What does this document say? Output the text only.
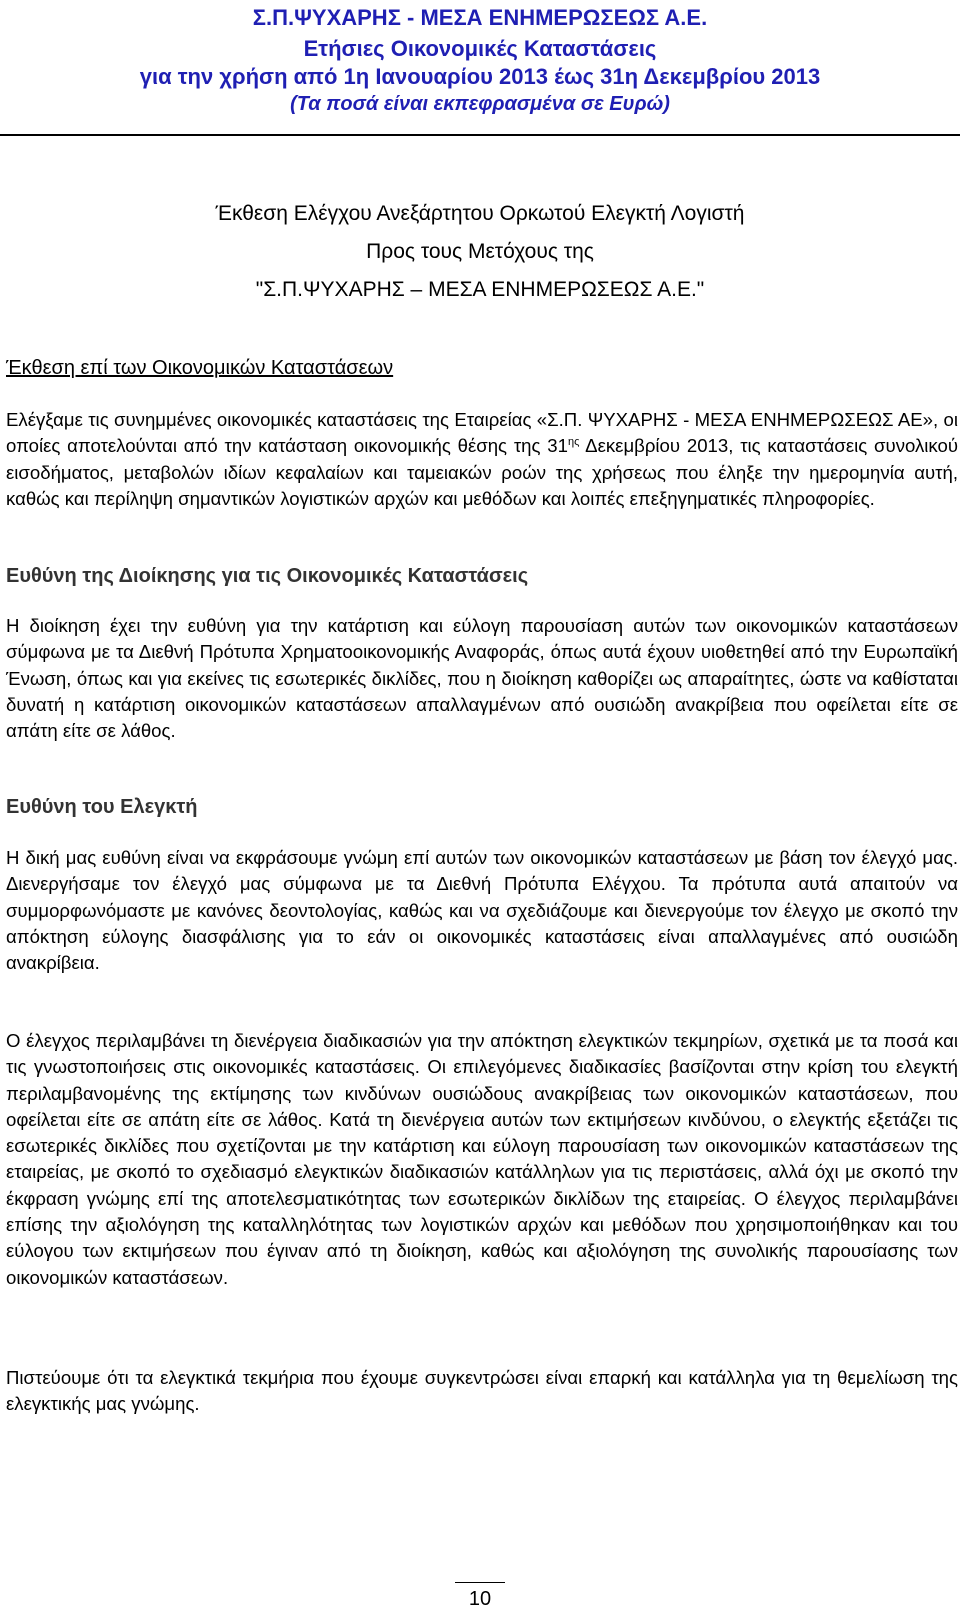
Σ.Π.ΨΥΧΑΡΗΣ - ΜΕΣΑ ΕΝΗΜΕΡΩΣΕΩΣ Α.Ε.
Ετήσιες Οικονομικές Καταστάσεις
για την χρήση από 1η Ιανουαρίου 2013 έως 31η Δεκεμβρίου 2013
(Τα ποσά είναι εκπεφρασμένα σε Ευρώ)
Έκθεση Ελέγχου Ανεξάρτητου Ορκωτού Ελεγκτή Λογιστή
Προς τους Μετόχους της
"Σ.Π.ΨΥΧΑΡΗΣ – ΜΕΣΑ ΕΝΗΜΕΡΩΣΕΩΣ Α.Ε."
Έκθεση επί των Οικονομικών Καταστάσεων

Ελέγξαμε τις συνημμένες οικονομικές καταστάσεις της Εταιρείας «Σ.Π. ΨΥΧΑΡΗΣ - ΜΕΣΑ ΕΝΗΜΕΡΩΣΕΩΣ ΑΕ», οι οποίες αποτελούνται από την κατάσταση οικονομικής θέσης της $31^{\eta\varsigma}$ Δεκεμβρίου 2013, τις καταστάσεις συνολικού εισοδήματος, μεταβολών ιδίων κεφαλαίων και ταμειακών ροών της χρήσεως που έληξε την ημερομηνία αυτή, καθώς και περίληψη σημαντικών λογιστικών αρχών και μεθόδων και λοιπές επεξηγηματικές πληροφορίες.

Ευθύνη της Διοίκησης για τις Οικονομικές Καταστάσεις

Η διοίκηση έχει την ευθύνη για την κατάρτιση και εύλογη παρουσίαση αυτών των οικονομικών καταστάσεων σύμφωνα με τα Διεθνή Πρότυπα Χρηματοοικονομικής Αναφοράς, όπως αυτά έχουν υιοθετηθεί από την Ευρωπαϊκή Ένωση, όπως και για εκείνες τις εσωτερικές δικλίδες, που η διοίκηση καθορίζει ως απαραίτητες, ώστε να καθίσταται δυνατή η κατάρτιση οικονομικών καταστάσεων απαλλαγμένων από ουσιώδη ανακρίβεια που οφείλεται είτε σε απάτη είτε σε λάθος.

Ευθύνη του Ελεγκτή

Η δική μας ευθύνη είναι να εκφράσουμε γνώμη επί αυτών των οικονομικών καταστάσεων με βάση τον έλεγχό μας. Διενεργήσαμε τον έλεγχό μας σύμφωνα με τα Διεθνή Πρότυπα Ελέγχου. Τα πρότυπα αυτά απαιτούν να συμμορφωνόμαστε με κανόνες δεοντολογίας, καθώς και να σχεδιάζουμε και διενεργούμε τον έλεγχο με σκοπό την απόκτηση εύλογης διασφάλισης για το εάν οι οικονομικές καταστάσεις είναι απαλλαγμένες από ουσιώδη ανακρίβεια.

Ο έλεγχος περιλαμβάνει τη διενέργεια διαδικασιών για την απόκτηση ελεγκτικών τεκμηρίων, σχετικά με τα ποσά και τις γνωστοποιήσεις στις οικονομικές καταστάσεις. Οι επιλεγόμενες διαδικασίες βασίζονται στην κρίση του ελεγκτή περιλαμβανομένης της εκτίμησης των κινδύνων ουσιώδους ανακρίβειας των οικονομικών καταστάσεων, που οφείλεται είτε σε απάτη είτε σε λάθος. Κατά τη διενέργεια αυτών των εκτιμήσεων κινδύνου, ο ελεγκτής εξετάζει τις εσωτερικές δικλίδες που σχετίζονται με την κατάρτιση και εύλογη παρουσίαση των οικονομικών καταστάσεων της εταιρείας, με σκοπό το σχεδιασμό ελεγκτικών διαδικασιών κατάλληλων για τις περιστάσεις, αλλά όχι με σκοπό την έκφραση γνώμης επί της αποτελεσματικότητας των εσωτερικών δικλίδων της εταιρείας. Ο έλεγχος περιλαμβάνει επίσης την αξιολόγηση της καταλληλότητας των λογιστικών αρχών και μεθόδων που χρησιμοποιήθηκαν και του εύλογου των εκτιμήσεων που έγιναν από τη διοίκηση, καθώς και αξιολόγηση της συνολικής παρουσίασης των οικονομικών καταστάσεων.

Πιστεύουμε ότι τα ελεγκτικά τεκμήρια που έχουμε συγκεντρώσει είναι επαρκή και κατάλληλα για τη θεμελίωση της ελεγκτικής μας γνώμης.

10
